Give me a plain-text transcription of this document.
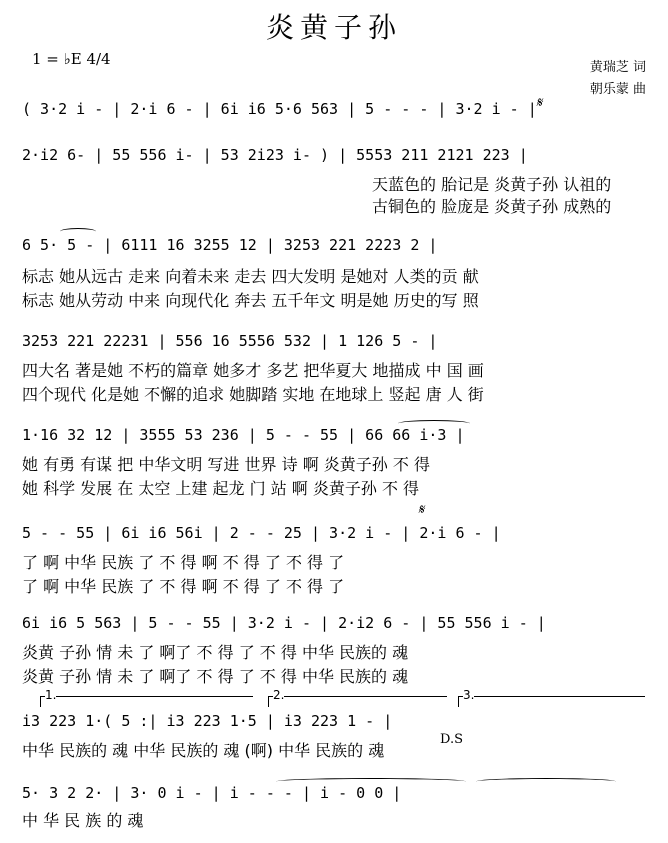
炎黄子孙
1 = ♭E 4/4	黄瑞芝 词
朝乐蒙 曲
( 3·2 i - | 2·i 6 - | 6i i6 5·6 563 | 5 - - - | 3·2 i - | 𝄋
2·i2 6- | 55 556 i- | 53 2i23 i- ) | 5553 211 2121 223 |
天蓝色的 胎记是 炎黄子孙 认祖的
古铜色的 脸庞是 炎黄子孙 成熟的
6 5· 5 - | 6111 16 3255 12 | 3253 221 2223 2 |
标志 她从远古 走来 向着未来 走去 四大发明 是她对 人类的贡 献
标志 她从劳动 中来 向现代化 奔去 五千年文 明是她 历史的写 照
3253 221 22231 | 556 16 5556 532 | 1 126 5 - |
四大名 著是她 不朽的篇章 她多才 多艺 把华夏大 地描成 中 国 画
四个现代 化是她 不懈的追求 她脚踏 实地 在地球上 竖起 唐 人 街
1·16 32 12 | 3555 53 236 | 5 - - 55 | 66 66 i·3 |
她 有勇 有谋 把 中华文明 写进 世界 诗 啊 炎黄子孙 不 得
她 科学 发展 在 太空 上建 起龙 门 站 啊 炎黄子孙 不 得
𝄋
5 - - 55 | 6i i6 56i | 2 - - 25 | 3·2 i - | 2·i 6 - |
了 啊 中华 民族 了 不 得 啊 不 得 了 不 得 了
了 啊 中华 民族 了 不 得 啊 不 得 了 不 得 了
6i i6 5 563 | 5 - - 55 | 3·2 i - | 2·i2 6 - | 55 556 i - |
炎黄 子孙 情 未 了 啊了 不 得 了 不 得 中华 民族的 魂
炎黄 子孙 情 未 了 啊了 不 得 了 不 得 中华 民族的 魂
1.	2.	3.
i3 223 1·( 5 :| i3 223 1·5 | i3 223 1 - |
中华 民族的 魂 中华 民族的 魂 (啊) 中华 民族的 魂
D.S
5· 3 2 2· | 3· 0 i - | i - - - | i - 0 0 |
中 华 民 族 的 魂
